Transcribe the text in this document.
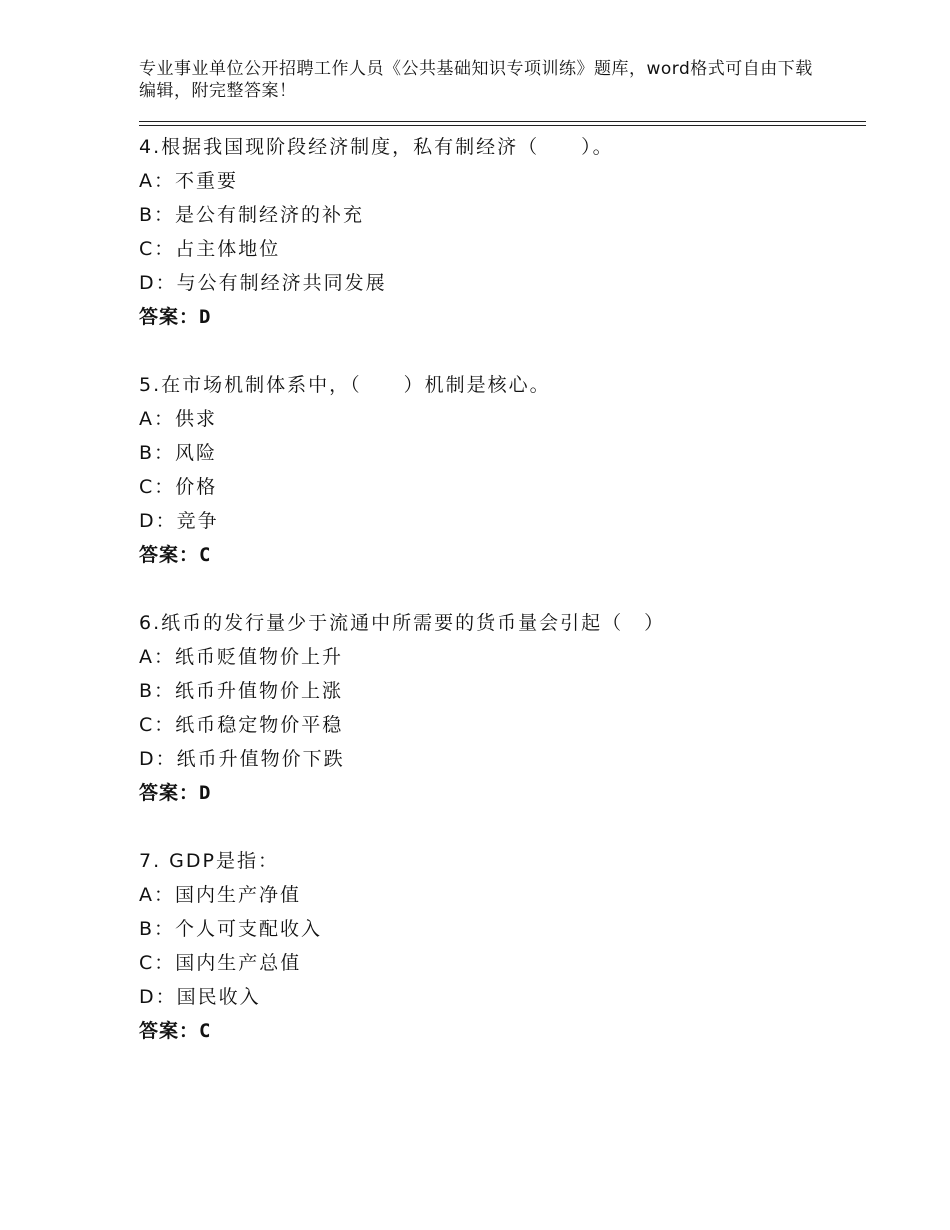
专业事业单位公开招聘工作人员《公共基础知识专项训练》题库，word格式可自由下载编辑，附完整答案！
4.根据我国现阶段经济制度，私有制经济（　　）。
A：不重要
B：是公有制经济的补充
C：占主体地位
D：与公有制经济共同发展
答案：D
5.在市场机制体系中，（　　）机制是核心。
A：供求
B：风险
C：价格
D：竞争
答案：C
6.纸币的发行量少于流通中所需要的货币量会引起（　）
A：纸币贬值物价上升
B：纸币升值物价上涨
C：纸币稳定物价平稳
D：纸币升值物价下跌
答案：D
7. GDP是指：
A：国内生产净值
B：个人可支配收入
C：国内生产总值
D：国民收入
答案：C
